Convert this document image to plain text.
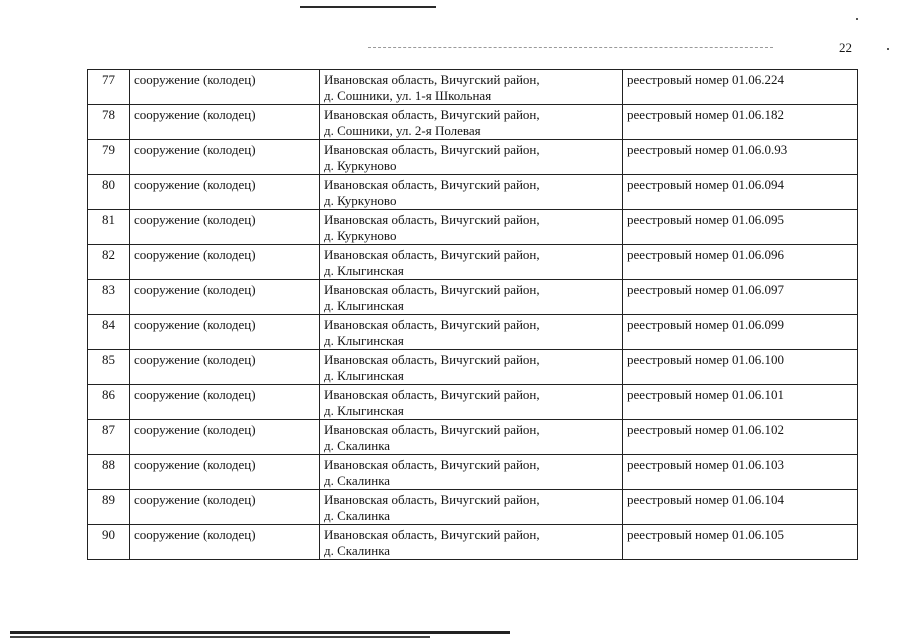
22
77	сооружение (колодец)	Ивановская область, Вичугский район,
д. Сошники, ул. 1-я Школьная	реестровый номер 01.06.224
78	сооружение (колодец)	Ивановская область, Вичугский район,
д. Сошники, ул. 2-я Полевая	реестровый номер 01.06.182
79	сооружение (колодец)	Ивановская область, Вичугский район,
д. Куркуново	реестровый номер 01.06.0.93
80	сооружение (колодец)	Ивановская область, Вичугский район,
д. Куркуново	реестровый номер 01.06.094
81	сооружение (колодец)	Ивановская область, Вичугский район,
д. Куркуново	реестровый номер 01.06.095
82	сооружение (колодец)	Ивановская область, Вичугский район,
д. Клыгинская	реестровый номер 01.06.096
83	сооружение (колодец)	Ивановская область, Вичугский район,
д. Клыгинская	реестровый номер 01.06.097
84	сооружение (колодец)	Ивановская область, Вичугский район,
д. Клыгинская	реестровый номер 01.06.099
85	сооружение (колодец)	Ивановская область, Вичугский район,
д. Клыгинская	реестровый номер 01.06.100
86	сооружение (колодец)	Ивановская область, Вичугский район,
д. Клыгинская	реестровый номер 01.06.101
87	сооружение (колодец)	Ивановская область, Вичугский район,
д. Скалинка	реестровый номер 01.06.102
88	сооружение (колодец)	Ивановская область, Вичугский район,
д. Скалинка	реестровый номер 01.06.103
89	сооружение (колодец)	Ивановская область, Вичугский район,
д. Скалинка	реестровый номер 01.06.104
90	сооружение (колодец)	Ивановская область, Вичугский район,
д. Скалинка	реестровый номер 01.06.105
